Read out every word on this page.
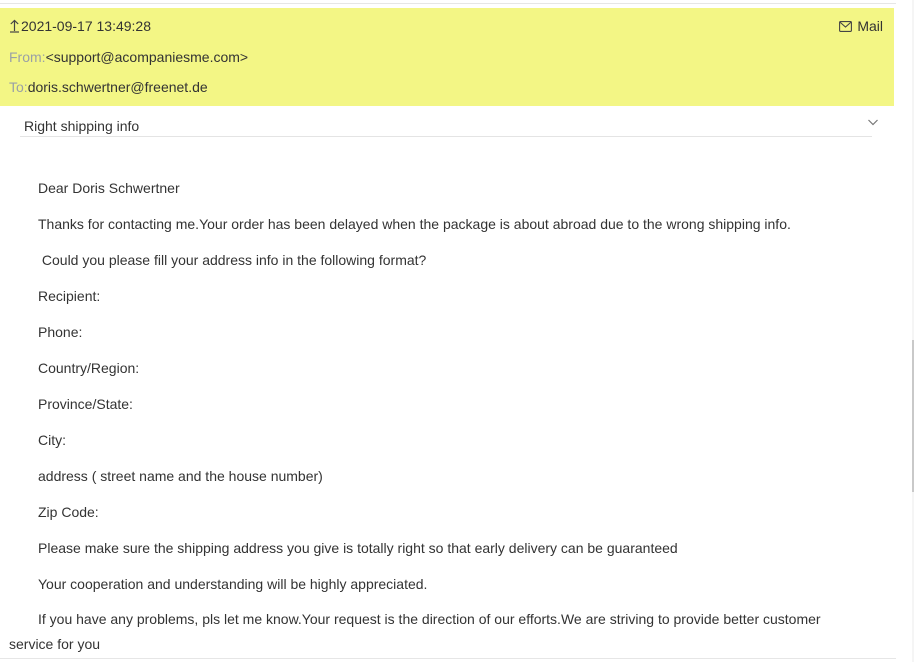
2021-09-17 13:49:28	Mail
From:<support@acompaniesme.com>
To:doris.schwertner@freenet.de
Right shipping info
Dear Doris Schwertner
Thanks for contacting me.Your order has been delayed when the package is about abroad due to the wrong shipping info.
Could you please fill your address info in the following format?
Recipient:
Phone:
Country/Region:
Province/State:
City:
address ( street name and the house number)
Zip Code:
Please make sure the shipping address you give is totally right so that early delivery can be guaranteed
Your cooperation and understanding will be highly appreciated.
If you have any problems, pls let me know.Your request is the direction of our efforts.We are striving to provide better customer service for you
